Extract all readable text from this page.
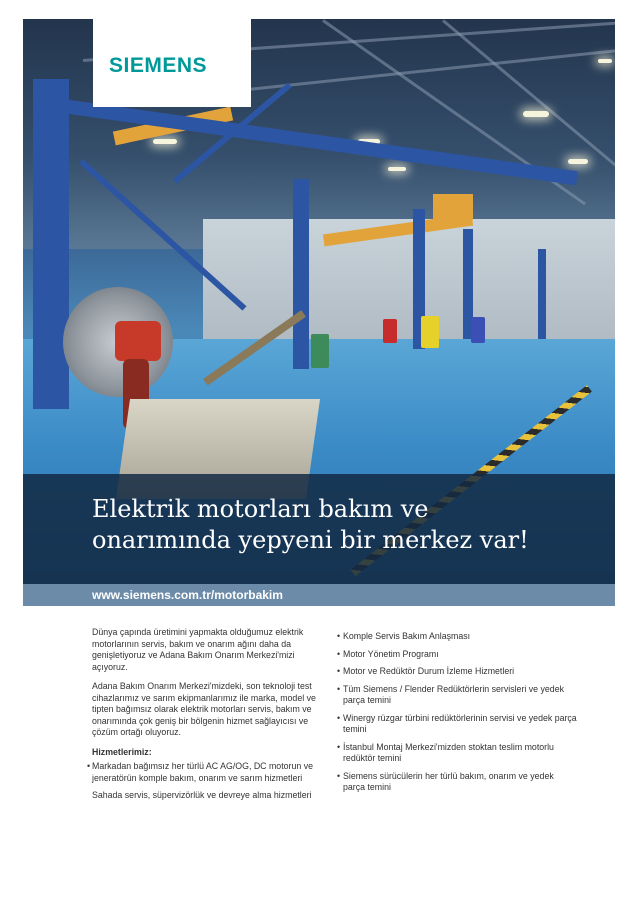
SIEMENS
Elektrik motorları bakım ve
onarımında yepyeni bir merkez var!
www.siemens.com.tr/motorbakim

Dünya çapında üretimini yapmakta olduğumuz elektrik motorlarının servis, bakım ve onarım ağını daha da genişletiyoruz ve Adana Bakım Onarım Merkezi'mizi açıyoruz.

Adana Bakım Onarım Merkezi'mizdeki, son teknoloji test cihazlarımız ve sarım ekipmanlarımız ile marka, model ve tipten bağımsız olarak elektrik motorları servis, bakım ve onarımında çok geniş bir bölgenin hizmet sağlayıcısı ve çözüm ortağı oluyoruz.

Hizmetlerimiz:
• Markadan bağımsız her türlü AC AG/OG, DC motorun ve jeneratörün komple bakım, onarım ve sarım hizmetleri
Sahada servis, süpervizörlük ve devreye alma hizmetleri
• Komple Servis Bakım Anlaşması
• Motor Yönetim Programı
• Motor ve Redüktör Durum İzleme Hizmetleri
• Tüm Siemens / Flender Redüktörlerin servisleri ve yedek parça temini
• Winergy rüzgar türbini redüktörlerinin servisi ve yedek parça temini
• İstanbul Montaj Merkezi'mizden stoktan teslim motorlu redüktör temini
• Siemens sürücülerin her türlü bakım, onarım ve yedek parça temini
